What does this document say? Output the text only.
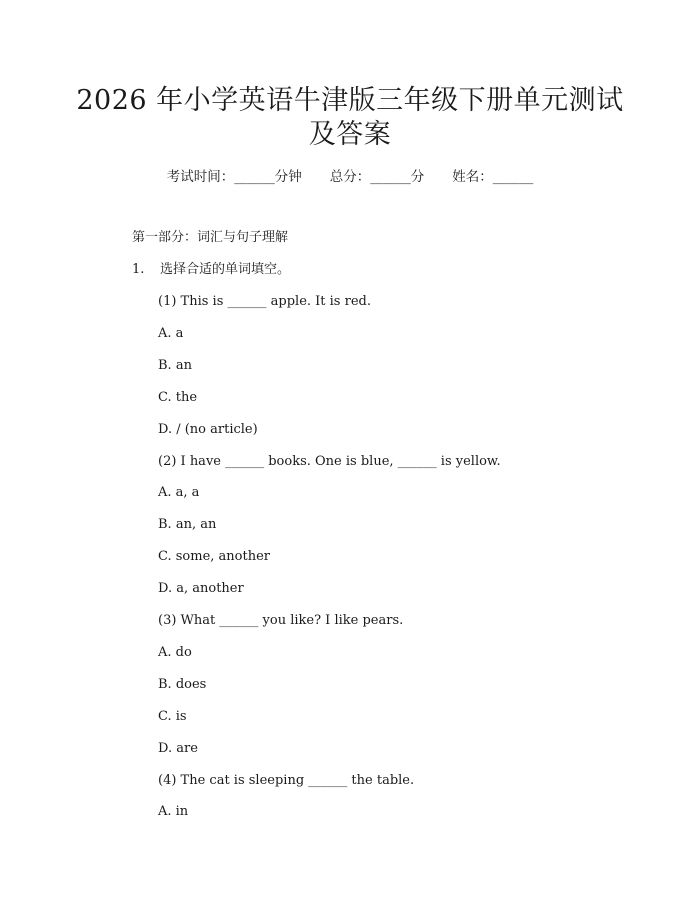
2026 年小学英语牛津版三年级下册单元测试
及答案
考试时间：______分钟 总分：______分 姓名：______
第一部分：词汇与句子理解
1. 选择合适的单词填空。
(1) This is ______ apple. It is red.
A. a
B. an
C. the
D. / (no article)
(2) I have ______ books. One is blue, ______ is yellow.
A. a, a
B. an, an
C. some, another
D. a, another
(3) What ______ you like? I like pears.
A. do
B. does
C. is
D. are
(4) The cat is sleeping ______ the table.
A. in
